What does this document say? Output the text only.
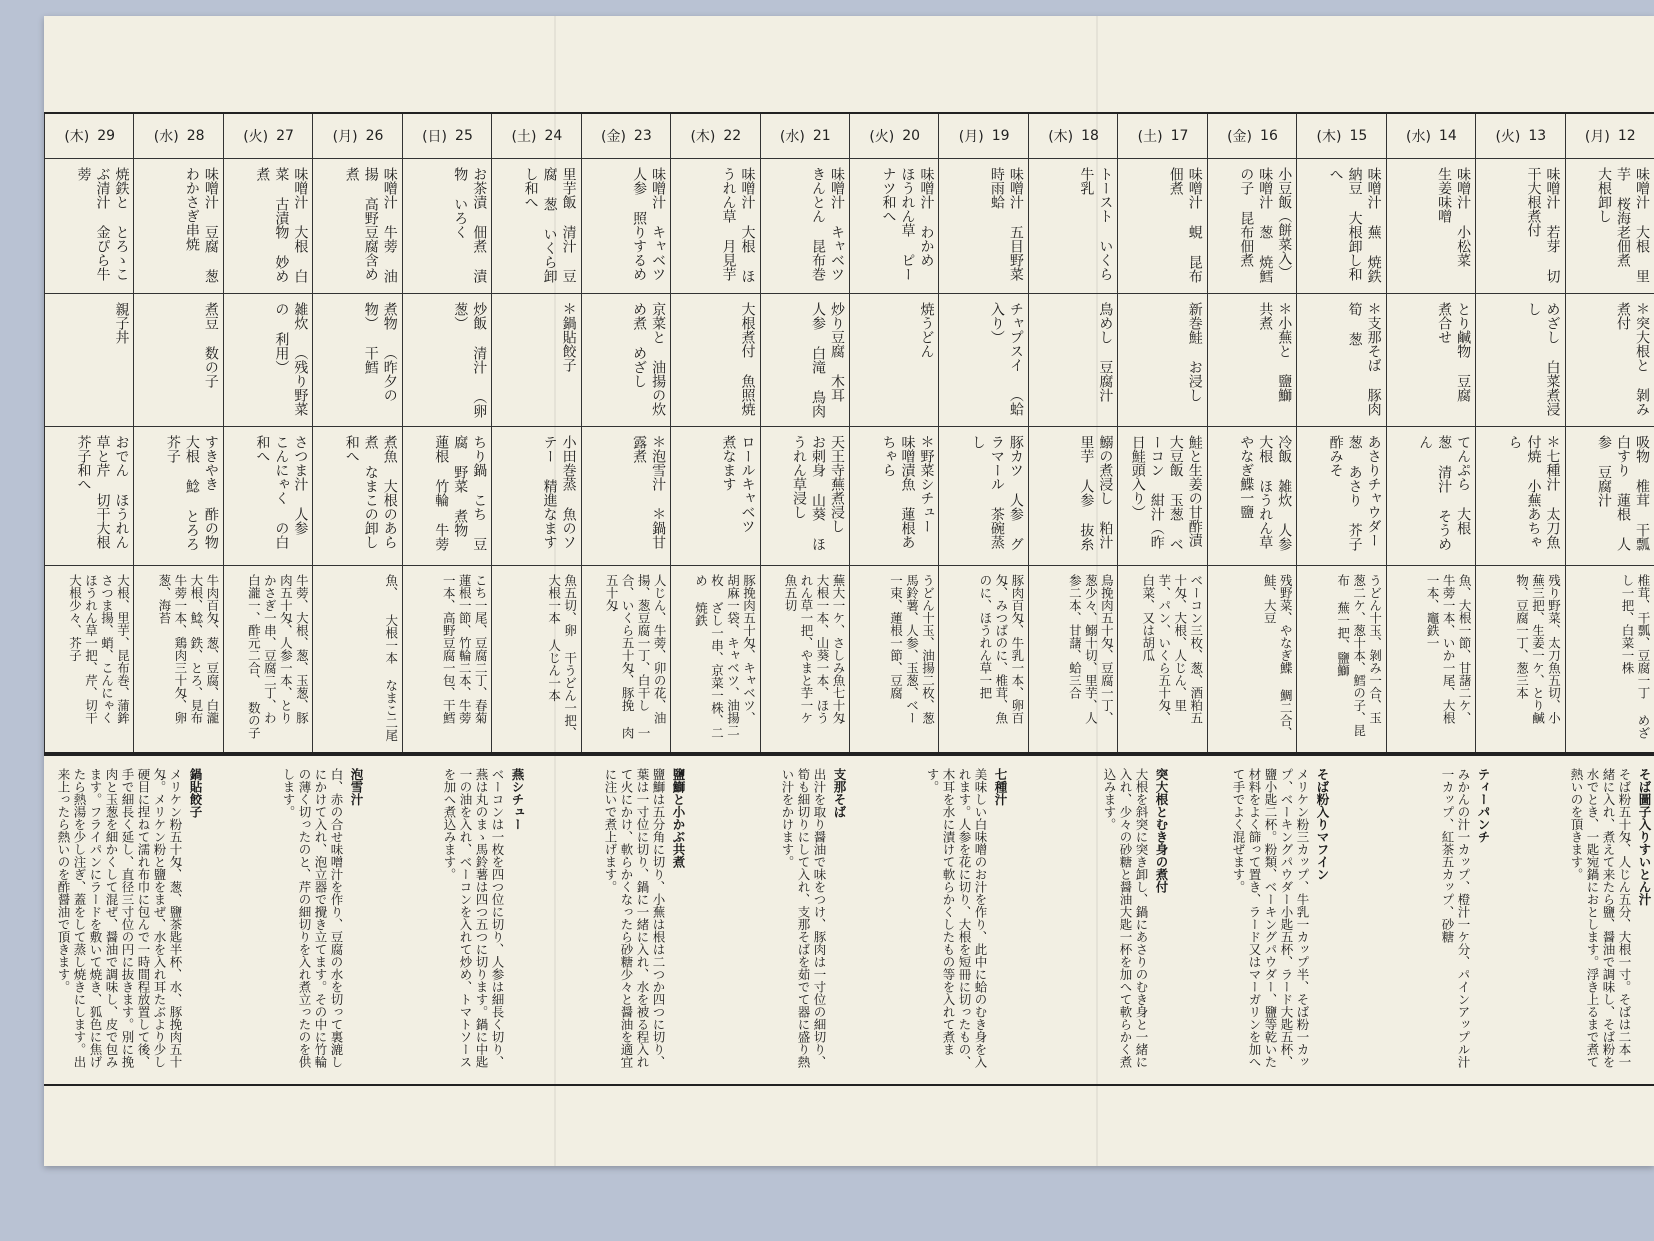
(月) 12
味噌汁 大根 里芋 桜海老佃煮 大根卸し
＊突大根と 剝み煮付
吸物 椎茸 干瓢 白すり 蓮根 人参 豆腐汁
椎茸、干瓢、豆腐一丁 めざし一把、白菜一株
(火) 13
味噌汁 若芽 切干大根煮付
めざし 白菜煮浸し
＊七種汁 太刀魚付焼 小蕪あちゃら
残り野菜、太刀魚五切、小 蕪三把、生姜一ケ、とり鹹 物、豆腐一丁、葱三本
(水) 14
味噌汁 小松菜 生姜味噌
とり鹹物 豆腐 煮合せ
てんぷら 大根 葱 清汁 そうめん
魚、大根一節、甘藷二ケ、 牛蒡一本、いか一尾、大根 一本、竈鉄一
(木) 15
味噌汁 蕪 焼鉄 納豆 大根卸し和へ
＊支那そば 豚肉 筍 葱
あさりチャウダー 葱 あさり 芥子酢みそ
うどん十玉、剝み一合、玉 葱二ケ、葱十本、鱈の子、昆布 蕪一把、鹽鰤
(金) 16
小豆飯（餅菜入） 味噌汁 葱 焼鱈の子 昆布佃煮
＊小蕪と 鹽鰤 共煮
冷飯 雑炊 人参 大根 ほうれん草 やなぎ鰈一鹽
残野菜、やなぎ鰈 鯛二合、鮭、大豆
(土) 17
味噌汁 蜆 昆布佃煮
新巻鮭 お浸し
鮭と生姜の甘酢漬 大豆飯 玉葱 ベーコン 紺汁（昨日鮭頭入り）
ベーコン三枚、葱、酒粕五 十匁、大根、人じん、里 芋、パン、いくら五十匁、 白菜、又は胡瓜
(木) 18
トースト いくら 牛乳
鳥めし 豆腐汁
鰯の煮浸し 粕汁 里芋 人参 抜糸
鳥挽肉五十匁、豆腐一丁、 葱少々、鰯十切、里芋、人 参二本、甘藷、蛤三合
(月) 19
味噌汁 五目野菜 時雨蛤
チャプスイ （蛤入り）
豚カツ 人参 グラマール 茶碗蒸し
豚肉百匁、牛乳一本、卵百 匁、みつばのに、椎茸、魚 のに、ほうれん草一把
(火) 20
味噌汁 わかめ ほうれん草 ピーナツ和へ
焼うどん
＊野菜シチュー 味噌漬魚 蓮根あちゃら
うどん十玉、油揚二枚、葱 馬鈴薯、人参、玉葱、ベー 一束、蓮根一節、豆腐
(水) 21
味噌汁 キャベツ きんとん 昆布巻
炒り豆腐 木耳 人参 白滝 鳥肉
天王寺蕪煮浸し お刺身 山葵 ほうれん草浸し
蕪大一ケ、さしみ魚七十匁 大根一本、山葵一本、ほう れん草一把、やまと芋一ケ 魚五切
(木) 22
味噌汁 大根 ほうれん草 月見芋
大根煮付 魚照焼
ロールキャベツ 煮なます
豚挽肉五十匁、キャベツ、 胡麻一袋、キャベツ、油揚二枚 ざし一串、京菜一株、二め 焼鉄
(金) 23
味噌汁 キャベツ 人参 照りするめ
京菜と 油揚の炊め煮 めざし
＊泡雪汁 ＊鍋甘露煮
人じん、牛蒡、卯の花、油 揚、葱豆腐一丁、白干し 一合、いくら五十匁、豚挽 肉五十匁
(土) 24
里芋飯 清汁 豆腐 葱 いくら卸し和へ
＊鍋貼餃子
小田巻蒸 魚のソテー 精進なます
魚五切、卵 干うどん一把、大根一本 人じん一本
(日) 25
お茶漬 佃煮 漬物 いろく
炒飯 清汁 （卵 葱）
ちり鍋 こち 豆腐 野菜 煮物 蓮根 竹輪 牛蒡
こち一尾、豆腐二丁、春菊 蓮根一節、竹輪二本、牛蒡 一本、高野豆腐一包、干鱈
(月) 26
味噌汁 牛蒡 油揚 高野豆腐含め煮
煮物 （昨夕の物） 干鱈
煮魚 大根のあら煮 なまこの卸し和へ
魚、 大根一本 なまこ二尾
(火) 27
味噌汁 大根 白菜 古漬物 妙め煮
雑炊 （残り野菜の 利用）
さつま汁 人参 こんにゃく の白和へ
牛蒡、大根、葱、玉葱、豚 肉五十匁、人参一本、とり かさぎ一串、豆腐二丁、わ 白瀧一、酢元二合、 数の子
(水) 28
味噌汁 豆腐 葱 わかさぎ串焼
煮豆 数の子
すきやき 酢の物 大根 鯰 とろろ芥子
牛肉百匁、葱、豆腐、白瀧 大根、鯰、鉄、とろ、見布 牛蒡一本、鶏肉三十匁、卵 葱、海苔
(木) 29
焼鉄と とろゝこぶ清汁 金ぴら牛蒡
親子丼
おでん ほうれん草と芹 切干大根 芥子和へ
大根、里芋、昆布巻、蒲鉾 さつま揚、蛸、こんにゃく ほうれん草一把、芹、切干 大根少々、芥子
そば圖子入りすいとん汁
そば粉五十匁、人じん五分、大根一寸。そばは二本一緒に入れ、煮えて来たら鹽、醤油で調味し、そば粉を水でとき、一匙宛鍋におとします。浮き上るまで煮て熱いのを頂きます。
ティーパンチ
みかんの汁一カップ、橙汁一ケ分、パインアップル汁一カップ、紅茶五カップ、砂糖
そば粉入りマフイン
メリケン粉三カップ、牛乳一カップ半、そば粉一カップ、ベーキングパウダー小匙五杯、ラード大匙五杯、鹽小匙二杯。粉類、ベーキングパウダー、鹽等乾いた材料をよく篩って置き、ラード又はマーガリンを加へて手でよく混ぜます。
突大根とむき身の煮付
大根を斜突に突き卸し、鍋にあさりのむき身と一緒に入れ、少々の砂糖と醤油大匙一杯を加へて軟らかく煮込みます。
七種汁
美味しい白味噌のお汁を作り、此中に蛤のむき身を入れます。人参を花に切り、大根を短冊に切ったもの、木耳を水に漬けて軟らかくしたもの等を入れて煮ます。
支那そば
出汁を取り醤油で味をつけ、豚肉は一寸位の細切り、筍も細切りにして入れ、支那そばを茹でて器に盛り熱い汁をかけます。
鹽鰤と小かぶ共煮
鹽鰤は五分角に切り、小蕪は根は二つか四つに切り、葉は一寸位に切り、鍋に一緒に入れ、水を被る程入れて火にかけ、軟らかくなったら砂糖少々と醤油を適宜に注いで煮上げます。
燕シチュー
ベーコンは一枚を四つ位に切り、人参は細長く切り、燕は丸のまゝ馬鈴薯は四つ五つに切ります。鍋に中匙一の油を入れ、ベーコンを入れて炒め、トマトソースを加へ煮込みます。
泡雪汁
白、赤の合せ味噌汁を作り、豆腐の水を切って裏漉しにかけて入れ、泡立器で攪き立てます。その中に竹輪の薄く切ったのと、芹の細切りを入れ煮立ったのを供します。
鍋貼餃子
メリケン粉五十匁、葱、鹽茶匙半杯、水、豚挽肉五十匁。メリケン粉と鹽をまぜ、水を入れ耳たぶより少し硬目に捏ねて濡れ布巾に包んで一時間程放置して後、手で細長く延し、直径三寸位の円に抜きます。別に挽肉と玉葱を細かくして混ぜ、醤油で調味し、皮で包みます。フライパンにラードを敷いて焼き、狐色に焦げたら熱湯を少し注ぎ、蓋をして蒸し焼きにします。出来上ったら熱いのを酢醤油で頂きます。
